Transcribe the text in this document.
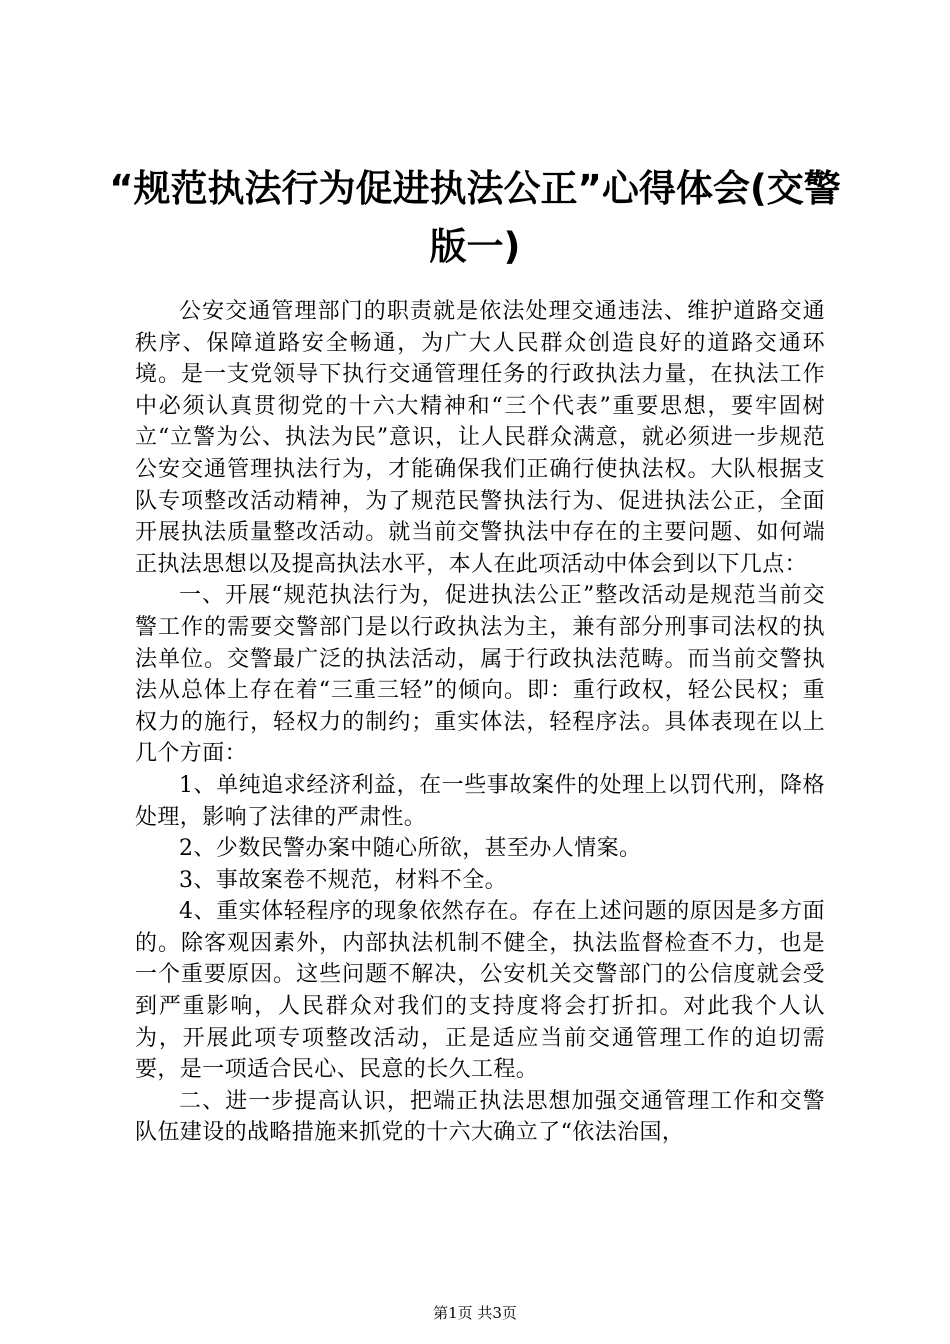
“规范执法行为促进执法公正”心得体会(交警版一)

公安交通管理部门的职责就是依法处理交通违法、维护道路交通秩序、保障道路安全畅通，为广大人民群众创造良好的道路交通环境。是一支党领导下执行交通管理任务的行政执法力量，在执法工作中必须认真贯彻党的十六大精神和“三个代表”重要思想，要牢固树立“立警为公、执法为民”意识，让人民群众满意，就必须进一步规范公安交通管理执法行为，才能确保我们正确行使执法权。大队根据支队专项整改活动精神，为了规范民警执法行为、促进执法公正，全面开展执法质量整改活动。就当前交警执法中存在的主要问题、如何端正执法思想以及提高执法水平，本人在此项活动中体会到以下几点：

一、开展“规范执法行为，促进执法公正”整改活动是规范当前交警工作的需要交警部门是以行政执法为主，兼有部分刑事司法权的执法单位。交警最广泛的执法活动，属于行政执法范畴。而当前交警执法从总体上存在着“三重三轻”的倾向。即：重行政权，轻公民权；重权力的施行，轻权力的制约；重实体法，轻程序法。具体表现在以上几个方面：

1、单纯追求经济利益，在一些事故案件的处理上以罚代刑，降格处理，影响了法律的严肃性。

2、少数民警办案中随心所欲，甚至办人情案。

3、事故案卷不规范，材料不全。

4、重实体轻程序的现象依然存在。存在上述问题的原因是多方面的。除客观因素外，内部执法机制不健全，执法监督检查不力，也是一个重要原因。这些问题不解决，公安机关交警部门的公信度就会受到严重影响，人民群众对我们的支持度将会打折扣。对此我个人认为，开展此项专项整改活动，正是适应当前交通管理工作的迫切需要，是一项适合民心、民意的长久工程。

二、进一步提高认识，把端正执法思想加强交通管理工作和交警队伍建设的战略措施来抓党的十六大确立了“依法治国，

第1页 共3页
